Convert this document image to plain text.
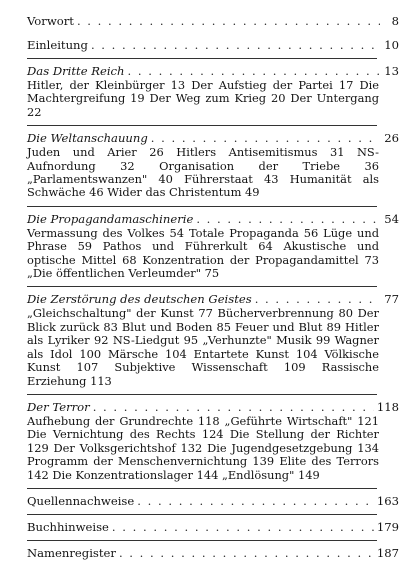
Vorwort . . .	8
Einleitung . . .	10
Das Dritte Reich . . .	13
Hitler, der Kleinbürger 13 Der Aufstieg der Partei 17 Die Machtergreifung 19 Der Weg zum Krieg 20 Der Untergang 22
Die Weltanschauung . . .	26
Juden und Arier 26 Hitlers Antisemitismus 31 NS-Aufnordung 32 Organisation der Triebe 36 „Parlamentswanzen" 40 Führerstaat 43 Humanität als Schwäche 46 Wider das Christentum 49
Die Propagandamaschinerie . . .	54
Vermassung des Volkes 54 Totale Propaganda 56 Lüge und Phrase 59 Pathos und Führerkult 64 Akustische und optische Mittel 68 Konzentration der Propagandamittel 73 „Die öffentlichen Verleumder" 75
Die Zerstörung des deutschen Geistes . . .	77
„Gleichschaltung" der Kunst 77 Bücherverbrennung 80 Der Blick zurück 83 Blut und Boden 85 Feuer und Blut 89 Hitler als Lyriker 92 NS-Liedgut 95 „Verhunzte" Musik 99 Wagner als Idol 100 Märsche 104 Entartete Kunst 104 Völkische Kunst 107 Subjektive Wissenschaft 109 Rassische Erziehung 113
Der Terror . . .	118
Aufhebung der Grundrechte 118 „Geführte Wirtschaft" 121 Die Vernichtung des Rechts 124 Die Stellung der Richter 129 Der Volksgerichtshof 132 Die Jugendgesetzgebung 134 Programm der Menschenvernichtung 139 Elite des Terrors 142 Die Konzentrationslager 144 „Endlösung" 149
Quellennachweise . . .	163
Buchhinweise . . .	179
Namenregister . . .	187
